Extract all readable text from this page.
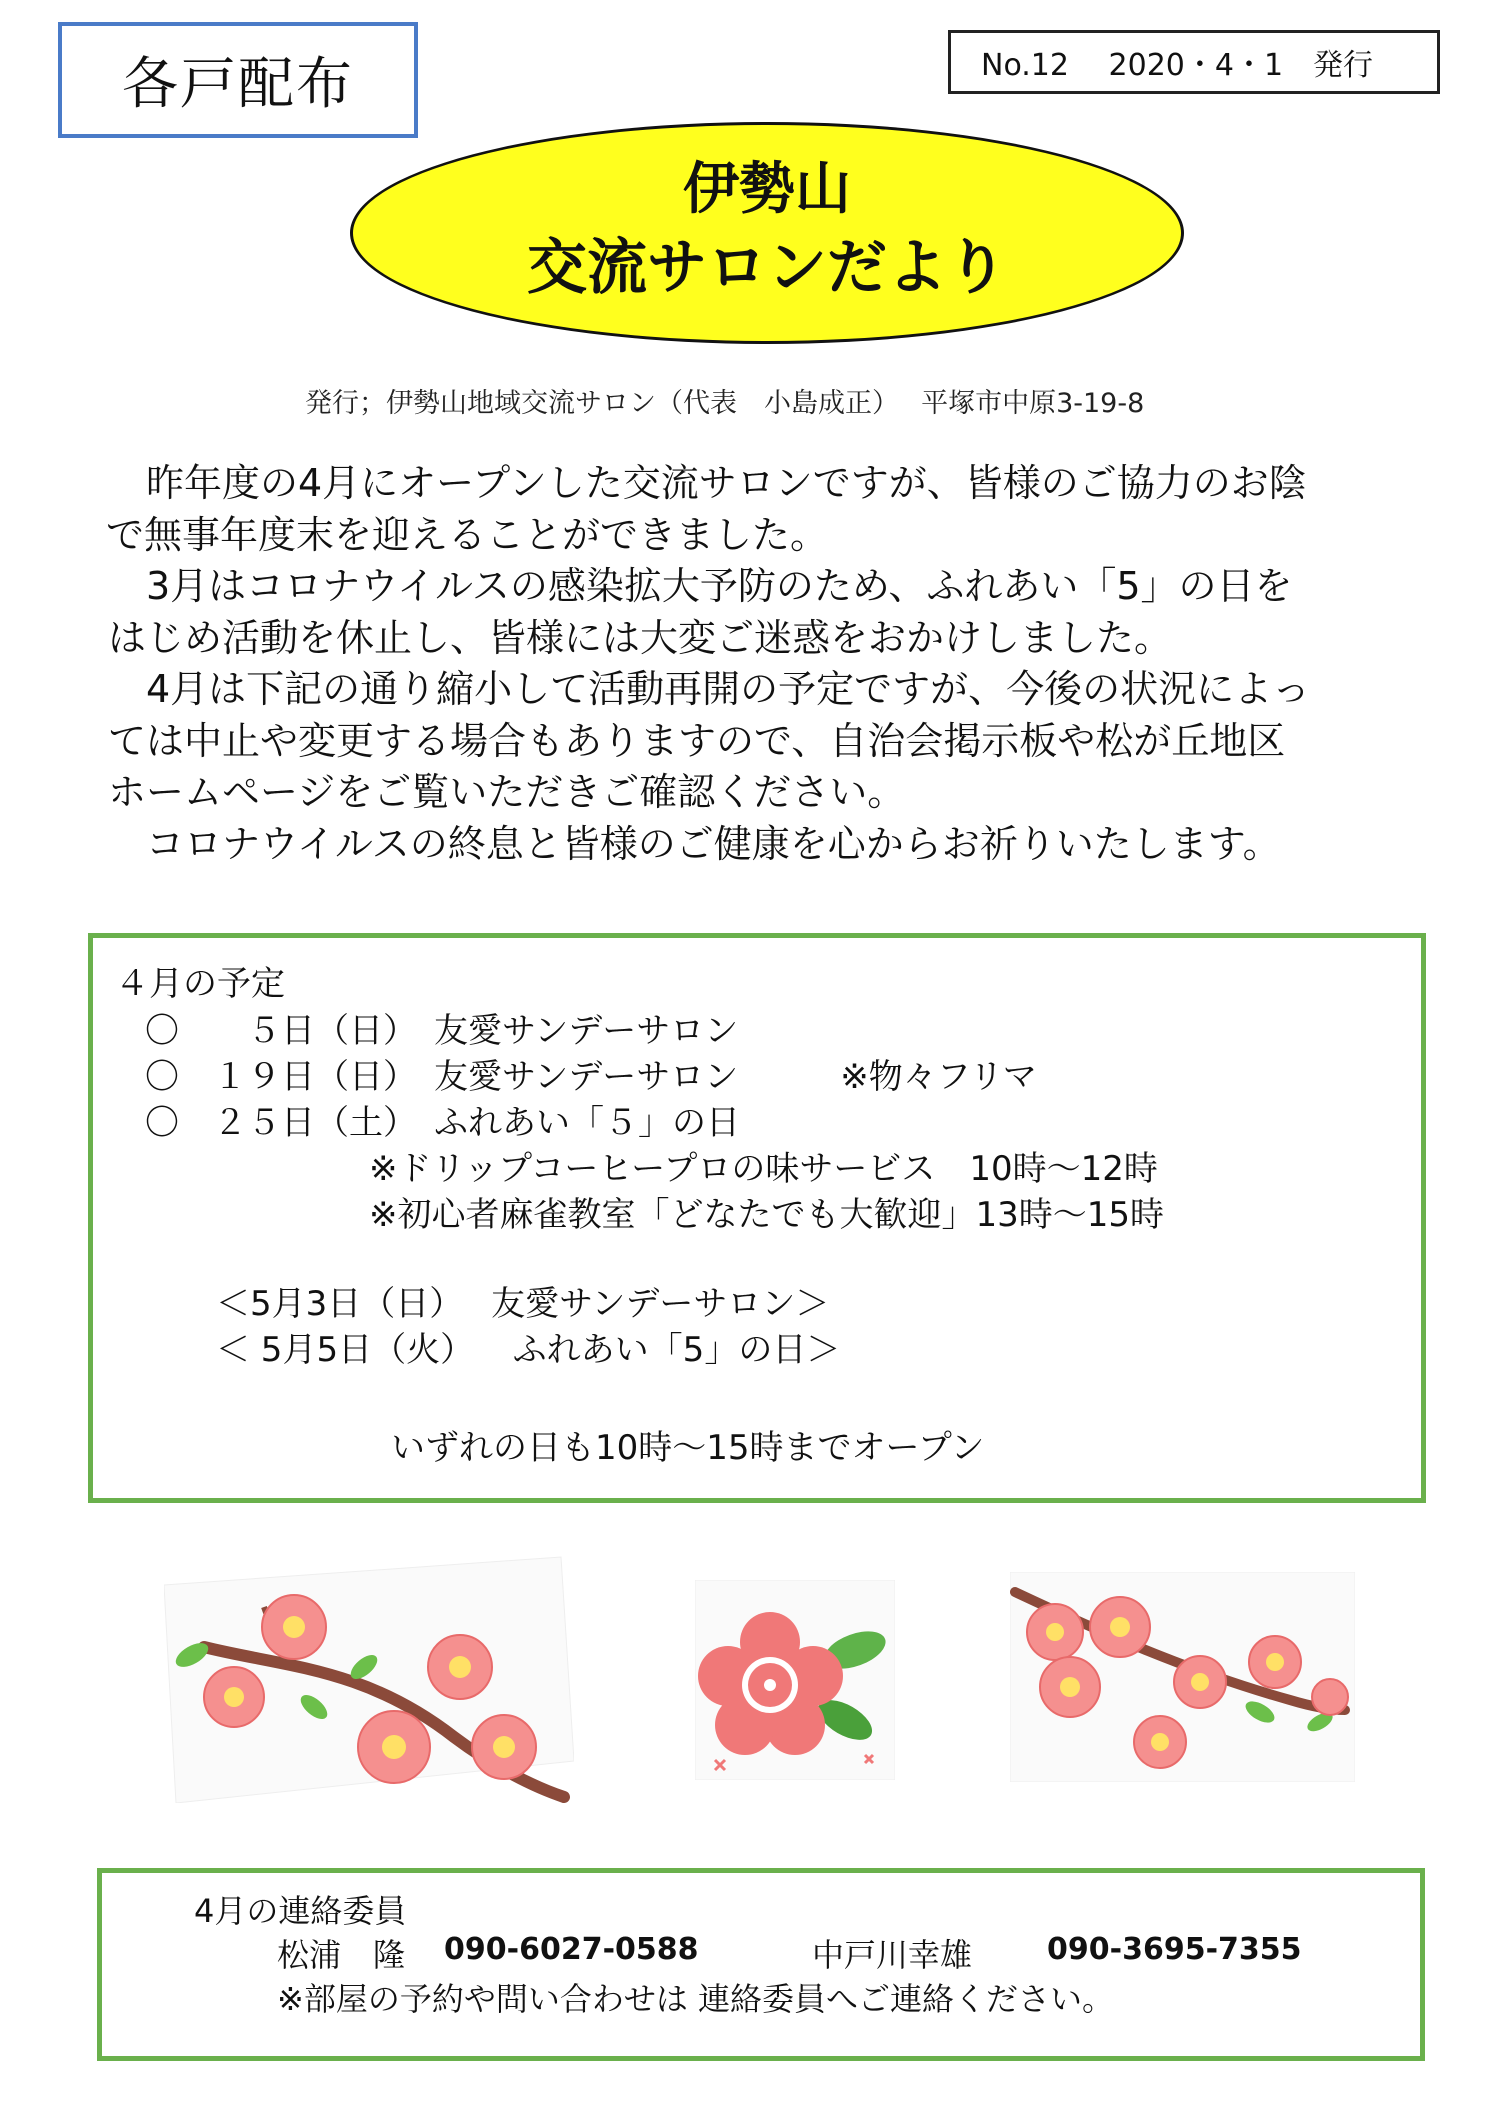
各戸配布	No.12　 2020・4・1　発行
伊勢山
交流サロンだより
発行；伊勢山地域交流サロン（代表　小島成正）　 平塚市中原3-19-8

　昨年度の4月にオープンした交流サロンですが、皆様のご協力のお陰

で無事年度末を迎えることができました。

　3月はコロナウイルスの感染拡大予防のため、ふれあい「5」の日を

はじめ活動を休止し、皆様には大変ご迷惑をおかけしました。

　4月は下記の通り縮小して活動再開の予定ですが、今後の状況によっ

ては中止や変更する場合もありますので、自治会掲示板や松が丘地区

ホームページをご覧いただきご確認ください。

　コロナウイルスの終息と皆様のご健康を心からお祈りいたします。

４月の予定
〇　　５日（日）　友愛サンデーサロン
〇　１９日（日）　友愛サンデーサロン　　　※物々フリマ
〇　２５日（土）　ふれあい「５」の日
※ドリップコーヒープロの味サービス　10時～12時
※初心者麻雀教室「どなたでも大歓迎」13時～15時
＜5月3日（日）　 友愛サンデーサロン＞
＜ 5月5日（火）　  ふれあい「5」の日＞
いずれの日も10時～15時までオープン
4月の連絡委員
松浦　隆 090-6027-0588	中戸川幸雄 090-3695-7355
※部屋の予約や問い合わせは 連絡委員へご連絡ください。
